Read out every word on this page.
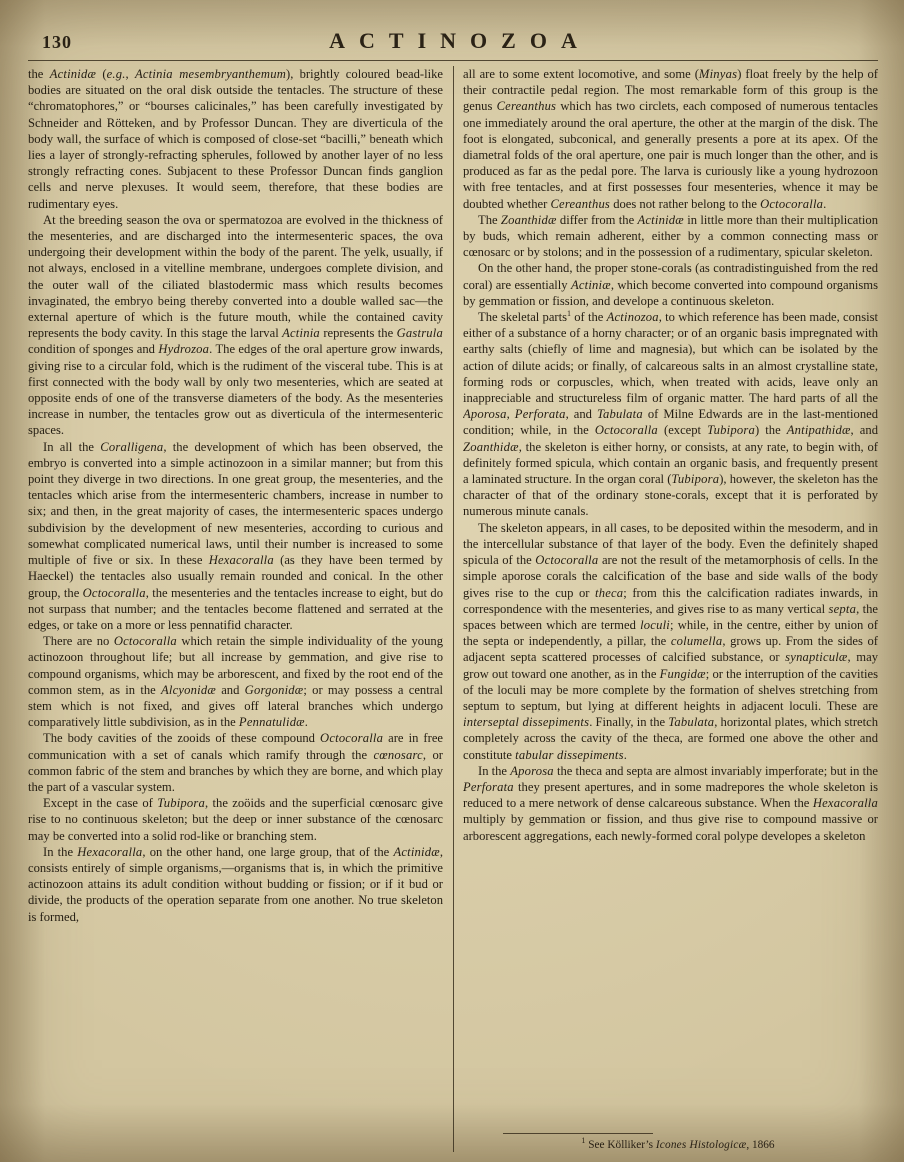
130	ACTINOZOA

the Actinidæ (e.g., Actinia mesembryanthemum), brightly coloured bead-like bodies are situated on the oral disk outside the tentacles. The structure of these “chromatophores,” or “bourses calicinales,” has been carefully investigated by Schneider and Rötteken, and by Professor Duncan. They are diverticula of the body wall, the surface of which is composed of close-set “bacilli,” beneath which lies a layer of strongly-refracting spherules, followed by another layer of no less strongly refracting cones. Subjacent to these Professor Duncan finds ganglion cells and nerve plexuses. It would seem, therefore, that these bodies are rudimentary eyes.

At the breeding season the ova or spermatozoa are evolved in the thickness of the mesenteries, and are discharged into the intermesenteric spaces, the ova undergoing their development within the body of the parent. The yelk, usually, if not always, enclosed in a vitelline membrane, undergoes complete division, and the outer wall of the ciliated blastodermic mass which results becomes invaginated, the embryo being thereby converted into a double walled sac—the external aperture of which is the future mouth, while the contained cavity represents the body cavity. In this stage the larval Actinia represents the Gastrula condition of sponges and Hydrozoa. The edges of the oral aperture grow inwards, giving rise to a circular fold, which is the rudiment of the visceral tube. This is at first connected with the body wall by only two mesenteries, which are seated at opposite ends of one of the transverse diameters of the body. As the mesenteries increase in number, the tentacles grow out as diverticula of the intermesenteric spaces.

In all the Coralligena, the development of which has been observed, the embryo is converted into a simple actinozoon in a similar manner; but from this point they diverge in two directions. In one great group, the mesenteries, and the tentacles which arise from the intermesenteric chambers, increase in number to six; and then, in the great majority of cases, the intermesenteric spaces undergo subdivision by the development of new mesenteries, according to curious and somewhat complicated numerical laws, until their number is increased to some multiple of five or six. In these Hexacoralla (as they have been termed by Haeckel) the tentacles also usually remain rounded and conical. In the other group, the Octocoralla, the mesenteries and the tentacles increase to eight, but do not surpass that number; and the tentacles become flattened and serrated at the edges, or take on a more or less pennatifid character.

There are no Octocoralla which retain the simple individuality of the young actinozoon throughout life; but all increase by gemmation, and give rise to compound organisms, which may be arborescent, and fixed by the root end of the common stem, as in the Alcyonidæ and Gorgonidæ; or may possess a central stem which is not fixed, and gives off lateral branches which undergo comparatively little subdivision, as in the Pennatulidæ.

The body cavities of the zooids of these compound Octocoralla are in free communication with a set of canals which ramify through the cœnosarc, or common fabric of the stem and branches by which they are borne, and which play the part of a vascular system.

Except in the case of Tubipora, the zoöids and the superficial cœnosarc give rise to no continuous skeleton; but the deep or inner substance of the cœnosarc may be converted into a solid rod-like or branching stem.

In the Hexacoralla, on the other hand, one large group, that of the Actinidæ, consists entirely of simple organisms,—organisms that is, in which the primitive actinozoon attains its adult condition without budding or fission; or if it bud or divide, the products of the operation separate from one another. No true skeleton is formed,

all are to some extent locomotive, and some (Minyas) float freely by the help of their contractile pedal region. The most remarkable form of this group is the genus Cereanthus which has two circlets, each composed of numerous tentacles one immediately around the oral aperture, the other at the margin of the disk. The foot is elongated, subconical, and generally presents a pore at its apex. Of the diametral folds of the oral aperture, one pair is much longer than the other, and is produced as far as the pedal pore. The larva is curiously like a young hydrozoon with free tentacles, and at first possesses four mesenteries, whence it may be doubted whether Cereanthus does not rather belong to the Octocoralla.

The Zoanthidæ differ from the Actinidæ in little more than their multiplication by buds, which remain adherent, either by a common connecting mass or cœnosarc or by stolons; and in the possession of a rudimentary, spicular skeleton.

On the other hand, the proper stone-corals (as contradistinguished from the red coral) are essentially Actiniæ, which become converted into compound organisms by gemmation or fission, and develope a continuous skeleton.

The skeletal parts$^1$ of the Actinozoa, to which reference has been made, consist either of a substance of a horny character; or of an organic basis impregnated with earthy salts (chiefly of lime and magnesia), but which can be isolated by the action of dilute acids; or finally, of calcareous salts in an almost crystalline state, forming rods or corpuscles, which, when treated with acids, leave only an inappreciable and structureless film of organic matter. The hard parts of all the Aporosa, Perforata, and Tabulata of Milne Edwards are in the last-mentioned condition; while, in the Octocoralla (except Tubipora) the Antipathidæ, and Zoanthidæ, the skeleton is either horny, or consists, at any rate, to begin with, of definitely formed spicula, which contain an organic basis, and frequently present a laminated structure. In the organ coral (Tubipora), however, the skeleton has the character of that of the ordinary stone-corals, except that it is perforated by numerous minute canals.

The skeleton appears, in all cases, to be deposited within the mesoderm, and in the intercellular substance of that layer of the body. Even the definitely shaped spicula of the Octocoralla are not the result of the metamorphosis of cells. In the simple aporose corals the calcification of the base and side walls of the body gives rise to the cup or theca; from this the calcification radiates inwards, in correspondence with the mesenteries, and gives rise to as many vertical septa, the spaces between which are termed loculi; while, in the centre, either by union of the septa or independently, a pillar, the columella, grows up. From the sides of adjacent septa scattered processes of calcified substance, or synapticulæ, may grow out toward one another, as in the Fungidæ; or the interruption of the cavities of the loculi may be more complete by the formation of shelves stretching from septum to septum, but lying at different heights in adjacent loculi. These are interseptal dissepiments. Finally, in the Tabulata, horizontal plates, which stretch completely across the cavity of the theca, are formed one above the other and constitute tabular dissepiments.

In the Aporosa the theca and septa are almost invariably imperforate; but in the Perforata they present apertures, and in some madrepores the whole skeleton is reduced to a mere network of dense calcareous substance. When the Hexacoralla multiply by gemmation or fission, and thus give rise to compound massive or arborescent aggregations, each newly-formed coral polype developes a skeleton

$^1$ See Kölliker’s Icones Histologicæ, 1866
